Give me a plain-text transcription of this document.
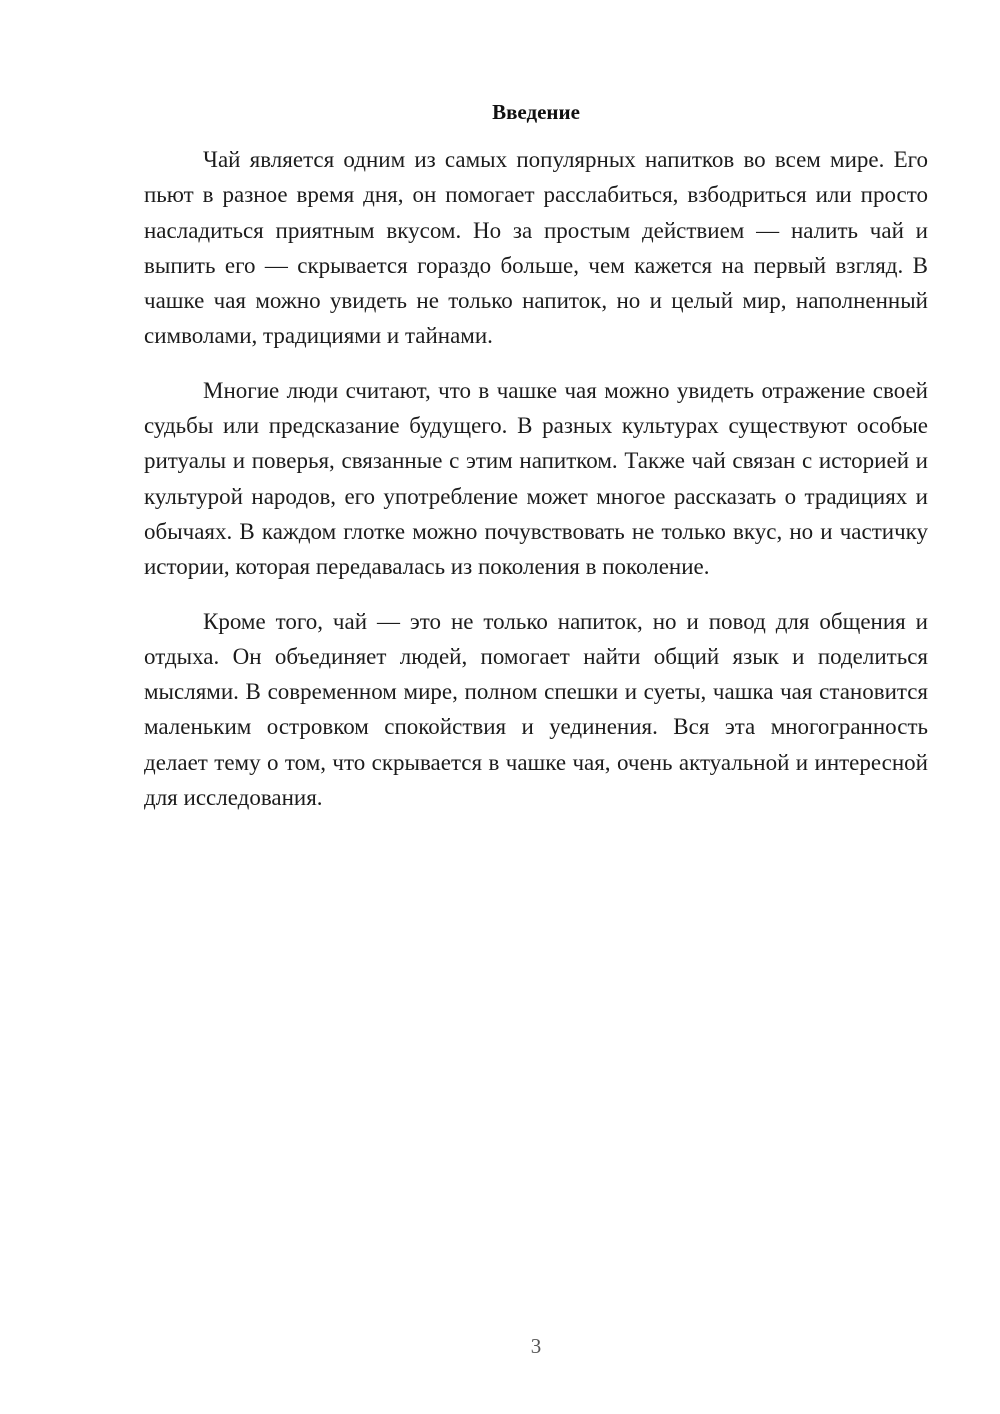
Введение

Чай является одним из самых популярных напитков во всем мире. Его пьют в разное время дня, он помогает расслабиться, взбодриться или просто насладиться приятным вкусом. Но за простым действием — налить чай и выпить его — скрывается гораздо больше, чем кажется на первый взгляд. В чашке чая можно увидеть не только напиток, но и целый мир, наполненный символами, традициями и тайнами.

Многие люди считают, что в чашке чая можно увидеть отражение своей судьбы или предсказание будущего. В разных культурах существуют особые ритуалы и поверья, связанные с этим напитком. Также чай связан с историей и культурой народов, его употребление может многое рассказать о традициях и обычаях. В каждом глотке можно почувствовать не только вкус, но и частичку истории, которая передавалась из поколения в поколение.

Кроме того, чай — это не только напиток, но и повод для общения и отдыха. Он объединяет людей, помогает найти общий язык и поделиться мыслями. В современном мире, полном спешки и суеты, чашка чая становится маленьким островком спокойствия и уединения. Вся эта многогранность делает тему о том, что скрывается в чашке чая, очень актуальной и интересной для исследования.

3
